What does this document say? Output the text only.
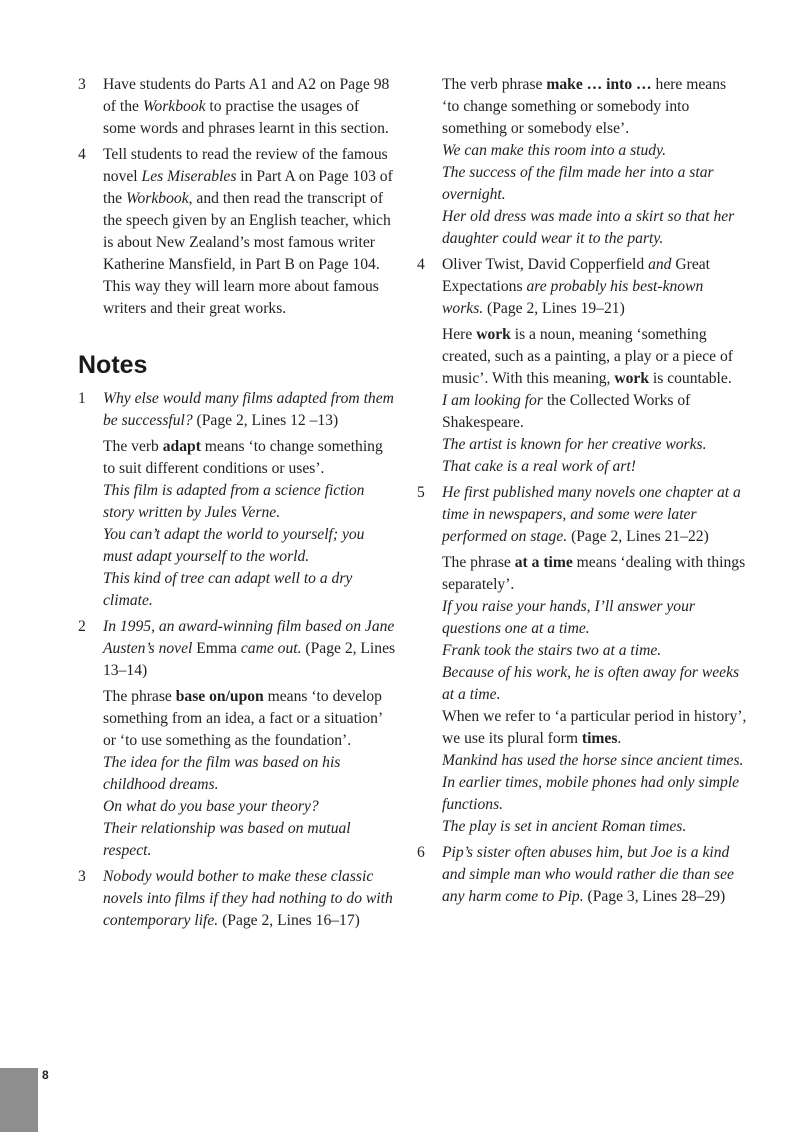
3	Have students do Parts A1 and A2 on Page 98 of the Workbook to practise the usages of some words and phrases learnt in this section.

4	Tell students to read the review of the famous novel Les Miserables in Part A on Page 103 of the Workbook, and then read the transcript of the speech given by an English teacher, which is about New Zealand’s most famous writer Katherine Mansfield, in Part B on Page 104. This way they will learn more about famous writers and their great works.

Notes
1	Why else would many films adapted from them be successful? (Page 2, Lines 12 –13)

The verb adapt means ‘to change something to suit different conditions or uses’.

This film is adapted from a science fiction story written by Jules Verne.

You can’t adapt the world to yourself; you must adapt yourself to the world.

This kind of tree can adapt well to a dry climate.

2	In 1995, an award-winning film based on Jane Austen’s novel Emma came out. (Page 2, Lines 13–14)

The phrase base on/upon means ‘to develop something from an idea, a fact or a situation’ or ‘to use something as the foundation’.

The idea for the film was based on his childhood dreams.

On what do you base your theory?

Their relationship was based on mutual respect.

3	Nobody would bother to make these classic novels into films if they had nothing to do with contemporary life. (Page 2, Lines 16–17)

The verb phrase make … into … here means ‘to change something or somebody into something or somebody else’.

We can make this room into a study.

The success of the film made her into a star overnight.

Her old dress was made into a skirt so that her daughter could wear it to the party.

4	Oliver Twist, David Copperfield and Great Expectations are probably his best-known works. (Page 2, Lines 19–21)

Here work is a noun, meaning ‘something created, such as a painting, a play or a piece of music’. With this meaning, work is countable.

I am looking for the Collected Works of Shakespeare.

The artist is known for her creative works.

That cake is a real work of art!

5	He first published many novels one chapter at a time in newspapers, and some were later performed on stage. (Page 2, Lines 21–22)

The phrase at a time means ‘dealing with things separately’.

If you raise your hands, I’ll answer your questions one at a time.

Frank took the stairs two at a time.

Because of his work, he is often away for weeks at a time.

When we refer to ‘a particular period in history’, we use its plural form times.

Mankind has used the horse since ancient times.

In earlier times, mobile phones had only simple functions.

The play is set in ancient Roman times.

6	Pip’s sister often abuses him, but Joe is a kind and simple man who would rather die than see any harm come to Pip. (Page 3, Lines 28–29)

8
